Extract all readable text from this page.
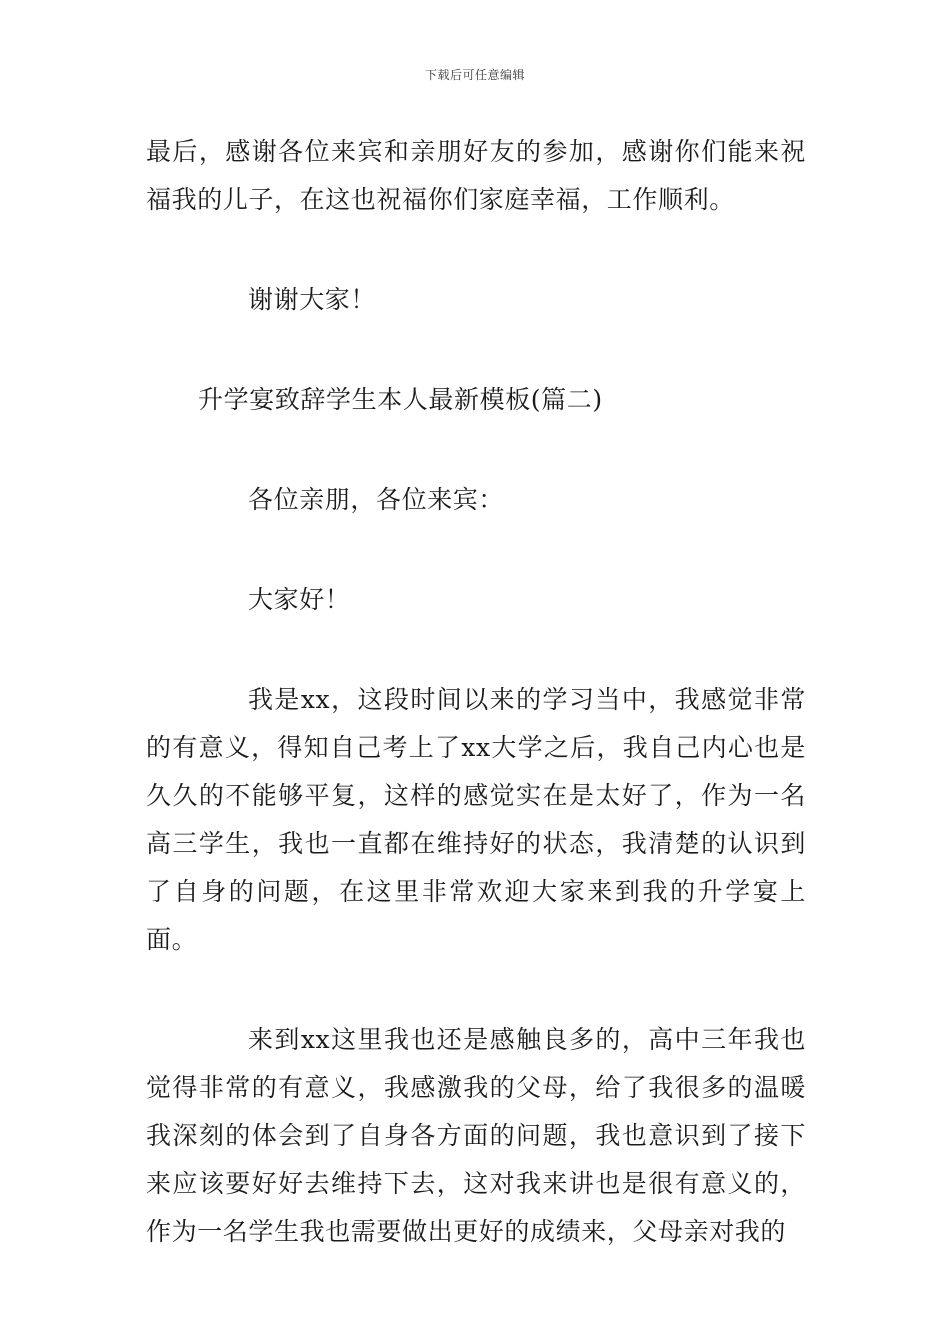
下载后可任意编辑

最后，感谢各位来宾和亲朋好友的参加，感谢你们能来祝福我的儿子，在这也祝福你们家庭幸福，工作顺利。

谢谢大家！

升学宴致辞学生本人最新模板(篇二)

各位亲朋，各位来宾：

大家好！

我是xx，这段时间以来的学习当中，我感觉非常的有意义，得知自己考上了xx大学之后，我自己内心也是久久的不能够平复，这样的感觉实在是太好了，作为一名高三学生，我也一直都在维持好的状态，我清楚的认识到了自身的问题，在这里非常欢迎大家来到我的升学宴上面。

来到xx这里我也还是感触良多的，高中三年我也觉得非常的有意义，我感激我的父母，给了我很多的温暖我深刻的体会到了自身各方面的问题，我也意识到了接下来应该要好好去维持下去，这对我来讲也是很有意义的，作为一名学生我也需要做出更好的成绩来，父母亲对我的
